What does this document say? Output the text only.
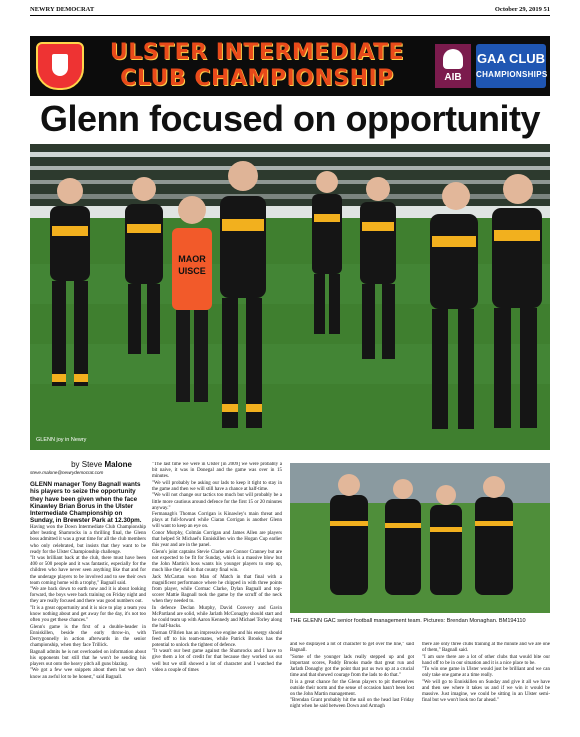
NEWRY DEMOCRAT	October 29, 2019 51
ULSTER INTERMEDIATE
CLUB CHAMPIONSHIP	AIB
GAA CLUB
CHAMPIONSHIPS
Glenn focused on opportunity
MAOR
UISCE
GLENN joy in Newry
by Steve Malone
steve.malone@newrydemocrat.com

GLENN manager Tony Bagnall wants his players to seize the opportunity they have been given when the face Kinawley Brian Borus in the Ulster Intermediate Championship on Sunday, in Brewster Park at 12.30pm.

Having won the Down Intermediate Club Championship after beating Shamrocks in a thrilling final, the Glenn boss admitted it was a great time for all the club members who only celebrated, but insists that they want to be ready for the Ulster Championship challenge.

"It was brilliant back at the club, there must have been 400 or 500 people and it was fantastic, especially for the children who have never seen anything like that and for the underage players to be involved and to see their own team coming home with a trophy," Bagnall said.

"We are back down to earth now and it is about looking forward, the boys were back training on Friday night and they are really focused and there was good numbers out.

"It is a great opportunity and it is nice to play a team you know nothing about and get away for the day, it's not too often you get these chances."

Glenn's game is the first of a double-header in Enniskillen, beside the early throw-in, with Derrygonnelly in action afterwards in the senior championship, when they face Trillick.

Bagnall admits he is not overloaded on information about his opponents but still that he won't be sending his players out onto the heavy pitch all guns blazing.

"We got a few wee snippets about them but we don't know an awful lot to be honest," said Bagnall.

"The last time we were in Ulster [in 2009] we were probably a bit naive, it was in Donegal and the game was over in 15 minutes.

"We will probably be asking our lads to keep it tight to stay in the game and then we will still have a chance at half-time.

"We will not change our tactics too much but will probably be a little more cautious around defence for the first 15 or 20 minutes anyway."

Fermanagh's Thomas Corrigan is Kinawley's main threat and plays at full-forward while Ciaran Corrigan is another Glenn will want to keep an eye on.

Conor Murphy, Colmán Corrigan and James Allen are players that helped St Michael's Enniskillen win the Hogan Cup earlier this year and are in the panel.

Glenn's joint captains Stevie Clarke are Connor Cranney but are not expected to be fit for Sunday, which is a massive blow but the John Martin's boss wants his younger players to step up, much like they did in that county final win.

Jack McCartan won Man of Match in that final with a magnificent performance where he chipped in with three points from player, while Cormac Clarke, Dylan Bagnall and top-scorer Mattie Bagnall took the game by the scruff of the neck when they needed to.

In defence Declan Murphy, David Convery and Gavin McPartland are solid, while Jarlath McConaghy should start and he could team up with Aaron Kennedy and Michael Torley along the half-backs.

Tiernan O'Brien has an impressive engine and his energy should feed off to his team-mates, while Patrick Brooks has the potential to unlock the tightest of defence.

"It wasn't our best game against the Shamrocks and I have to give them a lot of credit for that because they worked us out well but we still showed a lot of character and I watched the video a couple of times

THE GLENN GAC senior football management team. Pictures: Brendan Monaghan. BM194110

and we displayed a lot of character to get over the line," said Bagnall.

"Some of the younger lads really stepped up and got important scores, Paddy Brooks made that great run and Jarlath Donaghy got the point that put us two up at a crucial time and that showed courage from the lads to do that."

It is a great chance for the Glenn players to pit themselves outside their norm and the sense of occasion hasn't been lost on the John Martin management.

"Brendan Grant probably hit the nail on the head last Friday night when he said between Down and Armagh

there are only three clubs training at the minute and we are one of them," Bagnall said.

"I am sure there are a lot of other clubs that would bite our hand off to be in our situation and it is a nice place to be.

"To win one game in Ulster would just be brilliant and we can only take one game at a time really.

"We will go to Enniskillen on Sunday and give it all we have and then see where it takes us and if we win it would be massive. Just imagine, we could be sitting in an Ulster semi-final but we won't look too far ahead."
